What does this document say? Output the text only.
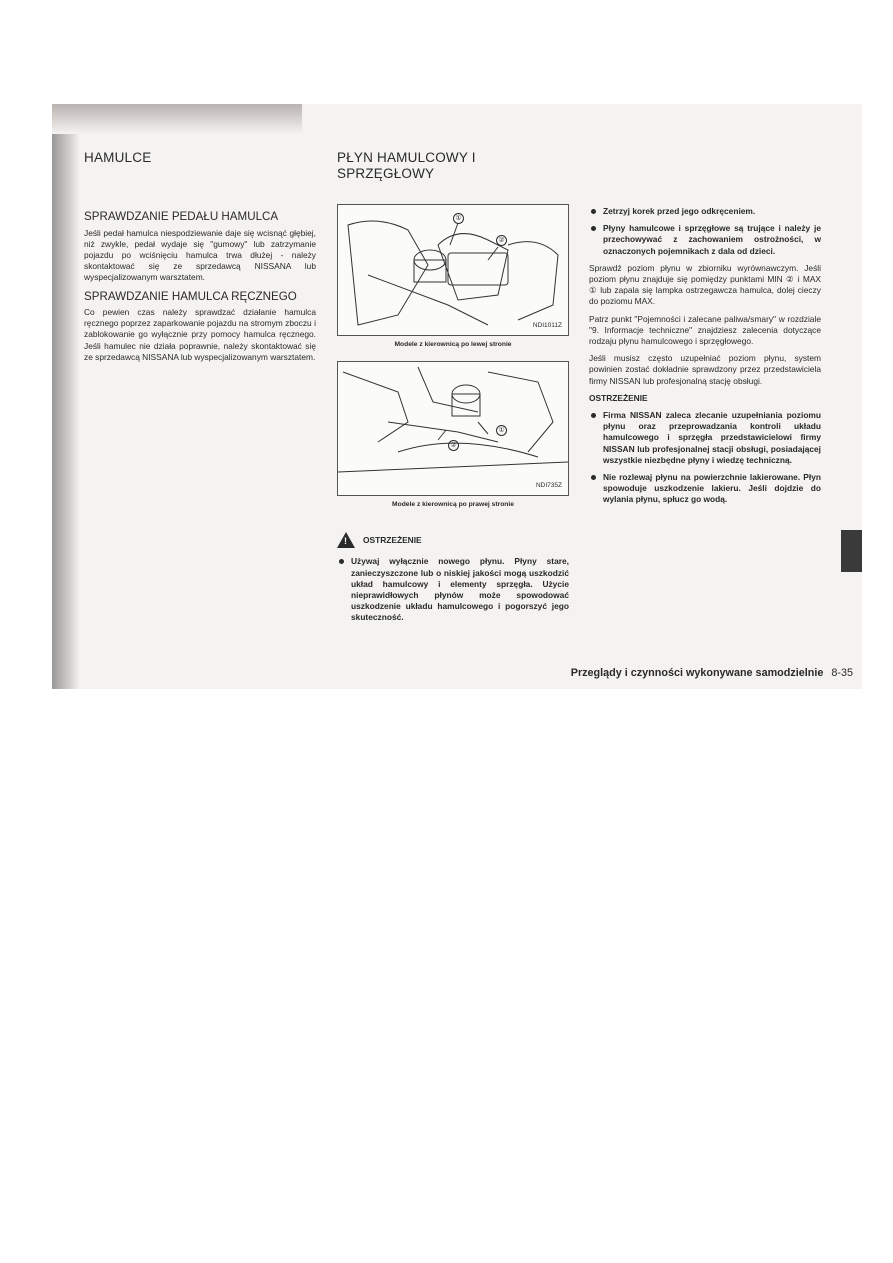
HAMULCE
SPRAWDZANIE PEDAŁU HAMULCA

Jeśli pedał hamulca niespodziewanie daje się wcisnąć głębiej, niż zwykle, pedał wydaje się "gumowy" lub zatrzymanie pojazdu po wciśnięciu hamulca trwa dłużej - należy skontaktować się ze sprzedawcą NISSANA lub wyspecjalizowanym warsztatem.

SPRAWDZANIE HAMULCA RĘCZNEGO

Co pewien czas należy sprawdzać działanie hamulca ręcznego poprzez zaparkowanie pojazdu na stromym zboczu i zablokowanie go wyłącznie przy pomocy hamulca ręcznego. Jeśli hamulec nie działa poprawnie, należy skontaktować się ze sprzedawcą NISSANA lub wyspecjalizowanym warsztatem.

PŁYN HAMULCOWY I SPRZĘGŁOWY
①
②
NDI1011Z
Modele z kierownicą po lewej stronie
①
②
NDI735Z
Modele z kierownicą po prawej stronie
! OSTRZEŻENIE
Używaj wyłącznie nowego płynu. Płyny stare, zanieczyszczone lub o niskiej jakości mogą uszkodzić układ hamulcowy i elementy sprzęgła. Użycie nieprawidłowych płynów może spowodować uszkodzenie układu hamulcowego i pogorszyć jego skuteczność.
Zetrzyj korek przed jego odkręceniem.
Płyny hamulcowe i sprzęgłowe są trujące i należy je przechowywać z zachowaniem ostrożności, w oznaczonych pojemnikach z dala od dzieci.

Sprawdź poziom płynu w zbiorniku wyrównawczym. Jeśli poziom płynu znajduje się pomiędzy punktami MIN ② i MAX ① lub zapala się lampka ostrzegawcza hamulca, dolej cieczy do poziomu MAX.

Patrz punkt "Pojemności i zalecane paliwa/smary" w rozdziale "9. Informacje techniczne" znajdziesz zalecenia dotyczące rodzaju płynu hamulcowego i sprzęgłowego.

Jeśli musisz często uzupełniać poziom płynu, system powinien zostać dokładnie sprawdzony przez przedstawiciela firmy NISSAN lub profesjonalną stację obsługi.

OSTRZEŻENIE

Firma NISSAN zaleca zlecanie uzupełniania poziomu płynu oraz przeprowadzania kontroli układu hamulcowego i sprzęgła przedstawicielowi firmy NISSAN lub profesjonalnej stacji obsługi, posiadającej wszystkie niezbędne płyny i wiedzę techniczną.
Nie rozlewaj płynu na powierzchnie lakierowane. Płyn spowoduje uszkodzenie lakieru. Jeśli dojdzie do wylania płynu, spłucz go wodą.
Przeglądy i czynności wykonywane samodzielnie 8-35
